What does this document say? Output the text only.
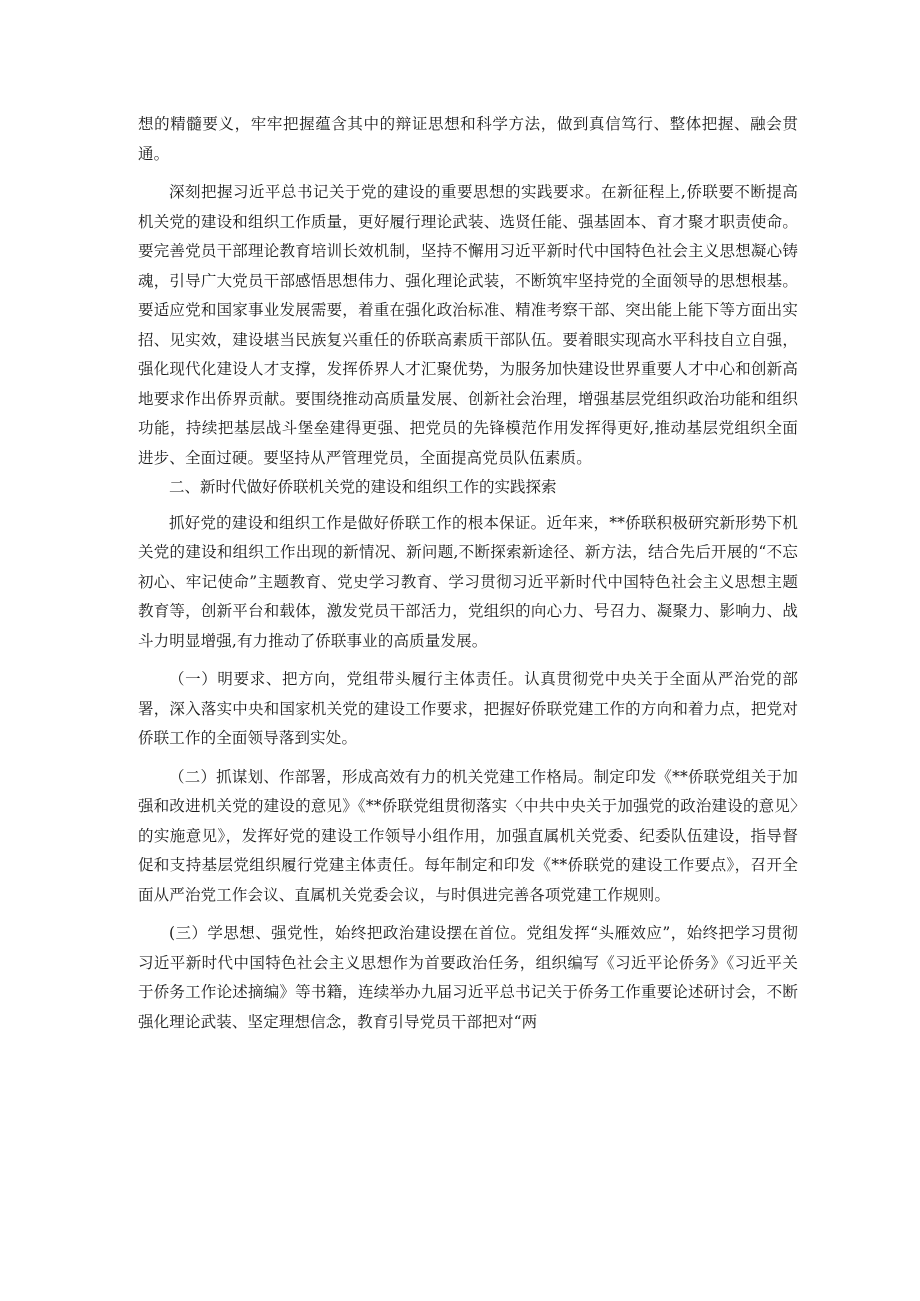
想的精髓要义，牢牢把握蕴含其中的辩证思想和科学方法，做到真信笃行、整体把握、融会贯通。

深刻把握习近平总书记关于党的建设的重要思想的实践要求。在新征程上,侨联要不断提高机关党的建设和组织工作质量，更好履行理论武装、选贤任能、强基固本、育才聚才职责使命。要完善党员干部理论教育培训长效机制，坚持不懈用习近平新时代中国特色社会主义思想凝心铸魂，引导广大党员干部感悟思想伟力、强化理论武装，不断筑牢坚持党的全面领导的思想根基。要适应党和国家事业发展需要，着重在强化政治标准、精准考察干部、突出能上能下等方面出实招、见实效，建设堪当民族复兴重任的侨联高素质干部队伍。要着眼实现高水平科技自立自强，强化现代化建设人才支撑，发挥侨界人才汇聚优势，为服务加快建设世界重要人才中心和创新高地要求作出侨界贡献。要围绕推动高质量发展、创新社会治理，增强基层党组织政治功能和组织功能，持续把基层战斗堡垒建得更强、把党员的先锋模范作用发挥得更好,推动基层党组织全面进步、全面过硬。要坚持从严管理党员，全面提高党员队伍素质。

二、新时代做好侨联机关党的建设和组织工作的实践探索

抓好党的建设和组织工作是做好侨联工作的根本保证。近年来，**侨联积极研究新形势下机关党的建设和组织工作出现的新情况、新问题,不断探索新途径、新方法，结合先后开展的“不忘初心、牢记使命”主题教育、党史学习教育、学习贯彻习近平新时代中国特色社会主义思想主题教育等，创新平台和载体，激发党员干部活力，党组织的向心力、号召力、凝聚力、影响力、战斗力明显增强,有力推动了侨联事业的高质量发展。

（一）明要求、把方向，党组带头履行主体责任。认真贯彻党中央关于全面从严治党的部署，深入落实中央和国家机关党的建设工作要求，把握好侨联党建工作的方向和着力点，把党对侨联工作的全面领导落到实处。

（二）抓谋划、作部署，形成高效有力的机关党建工作格局。制定印发《**侨联党组关于加强和改进机关党的建设的意见》《**侨联党组贯彻落实〈中共中央关于加强党的政治建设的意见〉的实施意见》，发挥好党的建设工作领导小组作用，加强直属机关党委、纪委队伍建设，指导督促和支持基层党组织履行党建主体责任。每年制定和印发《**侨联党的建设工作要点》，召开全面从严治党工作会议、直属机关党委会议，与时俱进完善各项党建工作规则。

(三）学思想、强党性，始终把政治建设摆在首位。党组发挥“头雁效应”，始终把学习贯彻习近平新时代中国特色社会主义思想作为首要政治任务，组织编写《习近平论侨务》《习近平关于侨务工作论述摘编》等书籍，连续举办九届习近平总书记关于侨务工作重要论述研讨会，不断强化理论武装、坚定理想信念，教育引导党员干部把对“两
